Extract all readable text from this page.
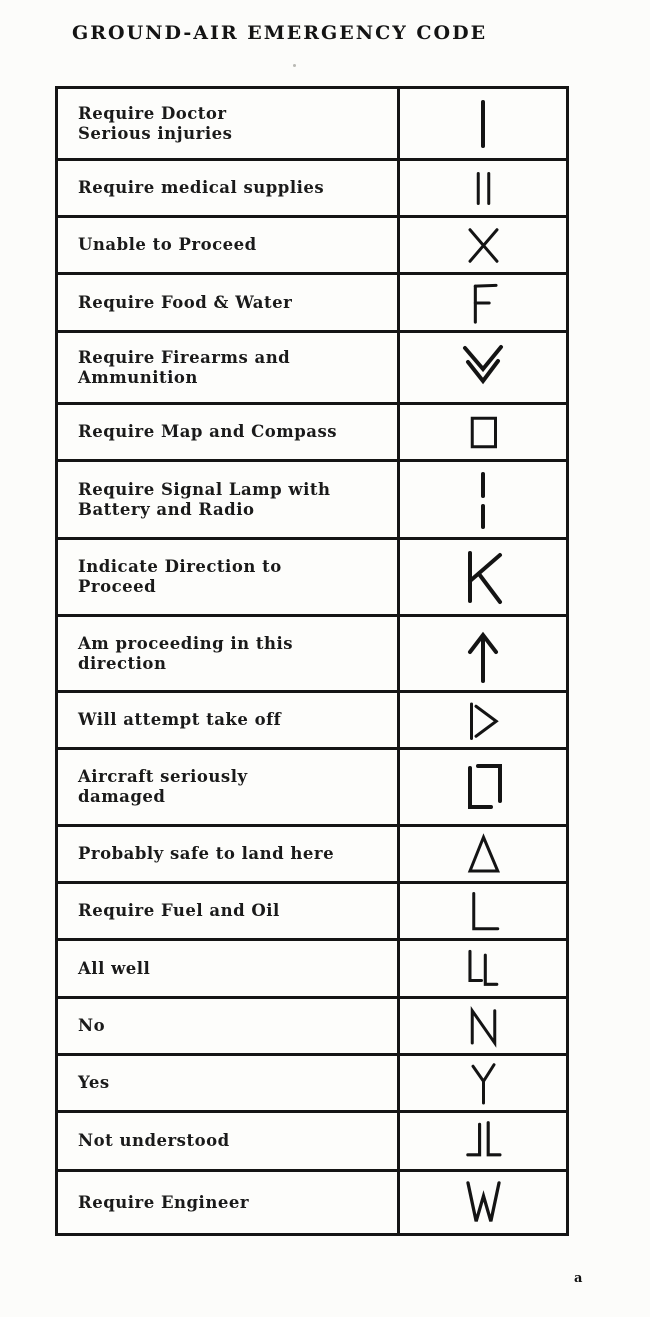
GROUND-AIR EMERGENCY CODE
Require Doctor
Serious injuries
Require medical supplies
Unable to Proceed
Require Food & Water
Require Firearms and
Ammunition
Require Map and Compass
Require Signal Lamp with
Battery and Radio
Indicate Direction to
Proceed
Am proceeding in this
direction
Will attempt take off
Aircraft seriously
damaged
Probably safe to land here
Require Fuel and Oil
All well
No
Yes
Not understood
Require Engineer
a
